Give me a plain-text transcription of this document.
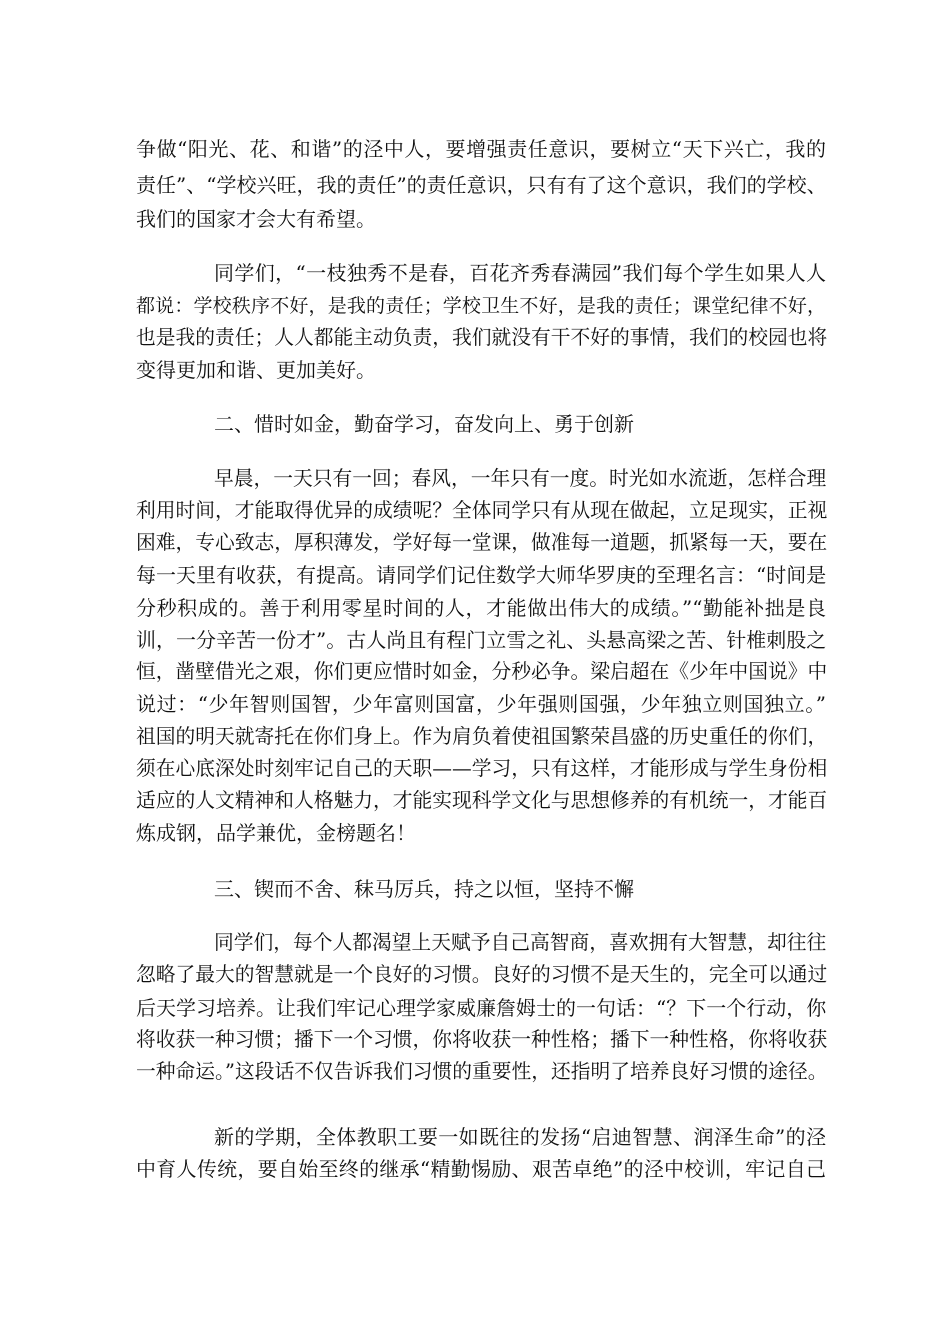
争做“阳光、花、和谐”的泾中人，要增强责任意识，要树立“天下兴亡，我的
责任”、“学校兴旺，我的责任”的责任意识，只有有了这个意识，我们的学校、
我们的国家才会大有希望。
同学们，“一枝独秀不是春，百花齐秀春满园”我们每个学生如果人人
都说：学校秩序不好，是我的责任；学校卫生不好，是我的责任；课堂纪律不好，
也是我的责任；人人都能主动负责，我们就没有干不好的事情，我们的校园也将
变得更加和谐、更加美好。
二、惜时如金，勤奋学习，奋发向上、勇于创新
早晨，一天只有一回；春风，一年只有一度。时光如水流逝，怎样合理
利用时间，才能取得优异的成绩呢？全体同学只有从现在做起，立足现实，正视
困难，专心致志，厚积薄发，学好每一堂课，做准每一道题，抓紧每一天，要在
每一天里有收获，有提高。请同学们记住数学大师华罗庚的至理名言：“时间是
分秒积成的。善于利用零星时间的人，才能做出伟大的成绩。”“勤能补拙是良
训，一分辛苦一份才”。古人尚且有程门立雪之礼、头悬高梁之苦、针椎刺股之
恒，凿壁借光之艰，你们更应惜时如金，分秒必争。梁启超在《少年中国说》中
说过：“少年智则国智，少年富则国富，少年强则国强，少年独立则国独立。”
祖国的明天就寄托在你们身上。作为肩负着使祖国繁荣昌盛的历史重任的你们，
须在心底深处时刻牢记自己的天职——学习，只有这样，才能形成与学生身份相
适应的人文精神和人格魅力，才能实现科学文化与思想修养的有机统一，才能百
炼成钢，品学兼优，金榜题名！
三、锲而不舍、秣马厉兵，持之以恒，坚持不懈
同学们，每个人都渴望上天赋予自己高智商，喜欢拥有大智慧，却往往
忽略了最大的智慧就是一个良好的习惯。良好的习惯不是天生的，完全可以通过
后天学习培养。让我们牢记心理学家威廉詹姆士的一句话：“？下一个行动，你
将收获一种习惯；播下一个习惯，你将收获一种性格；播下一种性格，你将收获
一种命运。”这段话不仅告诉我们习惯的重要性，还指明了培养良好习惯的途径。
新的学期，全体教职工要一如既往的发扬“启迪智慧、润泽生命”的泾
中育人传统，要自始至终的继承“精勤惕励、艰苦卓绝”的泾中校训，牢记自己
